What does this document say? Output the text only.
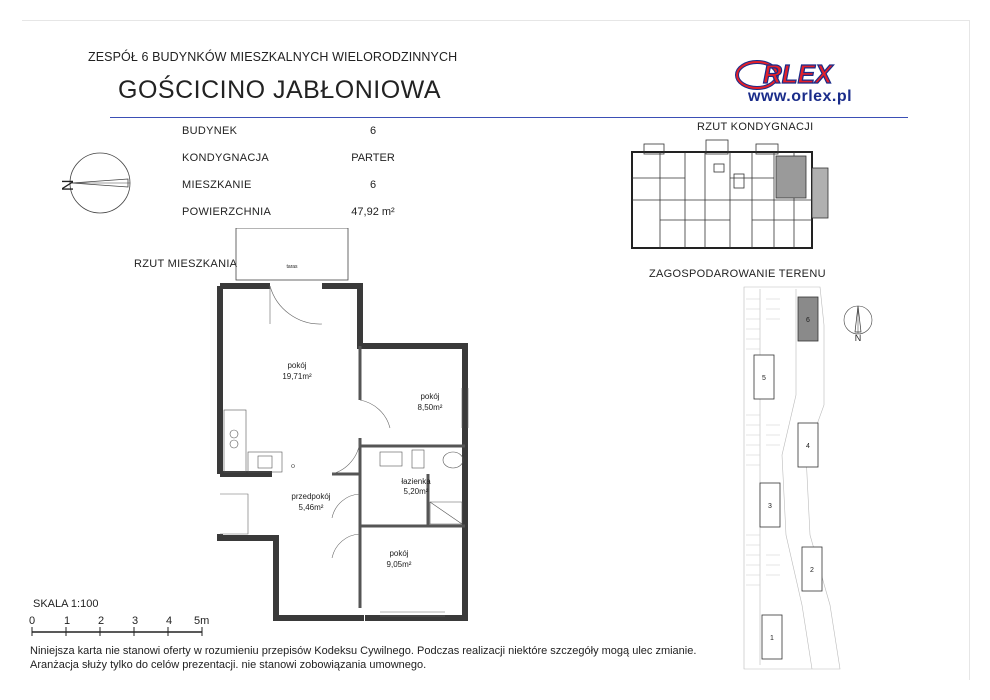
ZESPÓŁ 6 BUDYNKÓW MIESZKALNYCH WIELORODZINNYCH
GOŚCICINO JABŁONIOWA
RLEX
www.orlex.pl
BUDYNEK	6
KONDYGNACJA	PARTER
MIESZKANIE	6
POWIERZCHNIA	47,92 m²
N
RZUT KONDYGNACJI
RZUT MIESZKANIA
ZAGOSPODAROWANIE TERENU
6
5
4
3
2
1
N
taras
pokój
19,71m²
pokój
8,50m²
łazienka
5,20m²
przedpokój
5,46m²
pokój
9,05m²
SKALA 1:100
0	1	2	3	4 5m
Niniejsza karta nie stanowi oferty w rozumieniu przepisów Kodeksu Cywilnego. Podczas realizacji niektóre szczegóły mogą ulec zmianie.
Aranżacja służy tylko do celów prezentacji. nie stanowi zobowiązania umownego.
